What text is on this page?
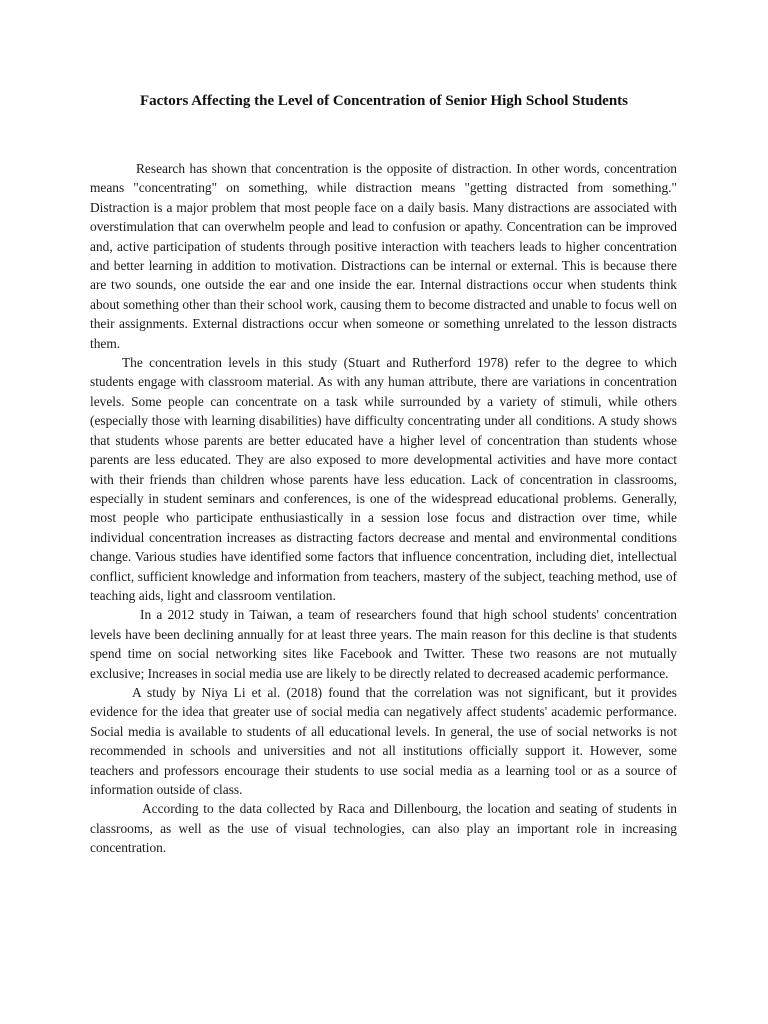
Factors Affecting the Level of Concentration of Senior High School Students

Research has shown that concentration is the opposite of distraction. In other words, concentration means "concentrating" on something, while distraction means "getting distracted from something." Distraction is a major problem that most people face on a daily basis. Many distractions are associated with overstimulation that can overwhelm people and lead to confusion or apathy. Concentration can be improved and, active participation of students through positive interaction with teachers leads to higher concentration and better learning in addition to motivation. Distractions can be internal or external. This is because there are two sounds, one outside the ear and one inside the ear. Internal distractions occur when students think about something other than their school work, causing them to become distracted and unable to focus well on their assignments. External distractions occur when someone or something unrelated to the lesson distracts them.

The concentration levels in this study (Stuart and Rutherford 1978) refer to the degree to which students engage with classroom material. As with any human attribute, there are variations in concentration levels. Some people can concentrate on a task while surrounded by a variety of stimuli, while others (especially those with learning disabilities) have difficulty concentrating under all conditions. A study shows that students whose parents are better educated have a higher level of concentration than students whose parents are less educated. They are also exposed to more developmental activities and have more contact with their friends than children whose parents have less education. Lack of concentration in classrooms, especially in student seminars and conferences, is one of the widespread educational problems. Generally, most people who participate enthusiastically in a session lose focus and distraction over time, while individual concentration increases as distracting factors decrease and mental and environmental conditions change. Various studies have identified some factors that influence concentration, including diet, intellectual conflict, sufficient knowledge and information from teachers, mastery of the subject, teaching method, use of teaching aids, light and classroom ventilation.

In a 2012 study in Taiwan, a team of researchers found that high school students' concentration levels have been declining annually for at least three years. The main reason for this decline is that students spend time on social networking sites like Facebook and Twitter. These two reasons are not mutually exclusive; Increases in social media use are likely to be directly related to decreased academic performance.

A study by Niya Li et al. (2018) found that the correlation was not significant, but it provides evidence for the idea that greater use of social media can negatively affect students' academic performance. Social media is available to students of all educational levels. In general, the use of social networks is not recommended in schools and universities and not all institutions officially support it. However, some teachers and professors encourage their students to use social media as a learning tool or as a source of information outside of class.

According to the data collected by Raca and Dillenbourg, the location and seating of students in classrooms, as well as the use of visual technologies, can also play an important role in increasing concentration.
